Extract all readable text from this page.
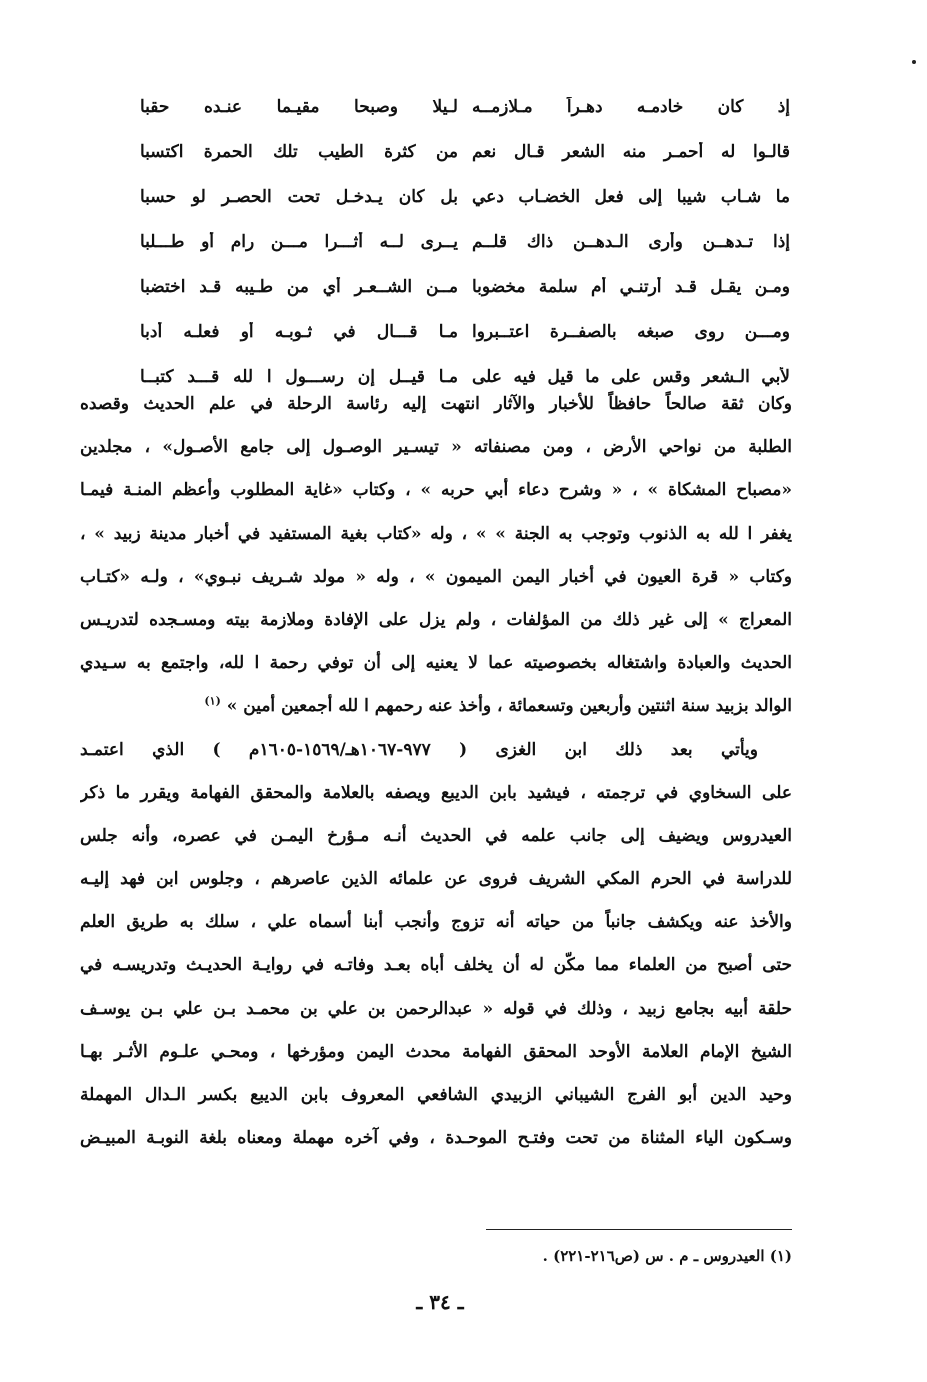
إذ كان خادمـه دهـراً مـلازمــه
لـيلا وصبحا مقيـما عنـده حقبا
قالـوا له أحمـر منه الشعر قـال نعم
من كثرة الطيب تلك الحمرة اكتسبا
ما شـاب شيبا إلى فعل الخضـاب دعي
بل كان يـدخـل تحت الحصـر لو حسبا
إذا تـدهــن وأرى الـدهــن ذاك قلــم
يــرى لــه أثـــرا مـــن رام أو طـــلبا
ومـن يقـل قـد أرتنـي أم سلمة مخضوبا
مــن الشــعـر أي من طـيبه قـد اختضبا
ومـــن روى صبغه بالصفــرة اعتــبروا
مـا قـــال في ثـوبـه أو فعلـه أدبا
لأبي الـشعر وقس على ما قيل فيه على
مـا قيــل إن رســـول ا لله قـــد كتبــا
وكان ثقة صالحاً حافظاً للأخبار والآثار انتهت إليه رئاسة الرحلة في علم الحديث وقصده
الطلبة من نواحي الأرض ، ومن مصنفاته « تيسـير الوصـول إلى جامع الأصـول» ، مجلدين
«مصباح المشكاة » ، « وشرح دعاء أبي حربه » ، وكتاب «غاية المطلوب وأعظم المنـة فيمـا
يغفر ا لله به الذنوب وتوجب به الجنة » » ، وله «كتاب بغية المستفيد في أخبار مدينة زبيد » ،
وكتاب « قرة العيون في أخبار اليمن الميمون » ، وله « مولد شـريف نبـوي» ، ولـه «كتـاب
المعراج » إلى غير ذلك من المؤلفات ، ولم يزل على الإفادة وملازمة بيته ومسـجده لتدريـس
الحديث والعبادة واشتغاله بخصوصيته عما لا يعنيه إلى أن توفي رحمة ا لله، واجتمع به سـيدي
الوالد بزبيد سنة اثنتين وأربعين وتسعمائة ، وأخذ عنه رحمهم ا لله أجمعين أمين » $^{(١)}$
ويأتي بعد ذلك ابن الغزى ( ٩٧٧-١٠٦٧هـ/١٥٦٩-١٦٠٥م ) الذي اعتمـد
على السخاوي في ترجمته ، فيشيد بابن الديبع ويصفه بالعلامة والمحقق الفهامة ويقرر ما ذكر
العيدروس ويضيف إلى جانب علمه في الحديث أنـه مـؤرخ اليمـن في عصره، وأنه جلس
للدراسة في الحرم المكي الشريف فروى عن علمائه الذين عاصرهم ، وجلوس ابن فهد إليـه
والأخذ عنه ويكشف جانباً من حياته أنه تزوج وأنجب أبنا أسماه علي ، سلك به طريق العلم
حتى أصبح من العلماء مما مكّن له أن يخلف أباه بعـد وفاتـه في روايـة الحديـث وتدريسـه في
حلقة أبيه بجامع زبيد ، وذلك في قوله « عبدالرحمن بن علي بن محمـد بـن علي بـن يوسـف
الشيخ الإمام العلامة الأوحد المحقق الفهامة محدث اليمن ومؤرخها ، ومحـي علـوم الأثـر بهـا
وحيد الدين أبو الفرج الشيباني الزبيدي الشافعي المعروف بابن الديبع بكسر الـدال المهملة
وسـكون الياء المثناة من تحت وفتـح الموحـدة ، وفي آخره مهملة ومعناه بلغة النوبـة المبيـض
(١) العيدروس ـ م . س (ص٢١٦-٢٢١) .
ـ ٣٤ ـ
